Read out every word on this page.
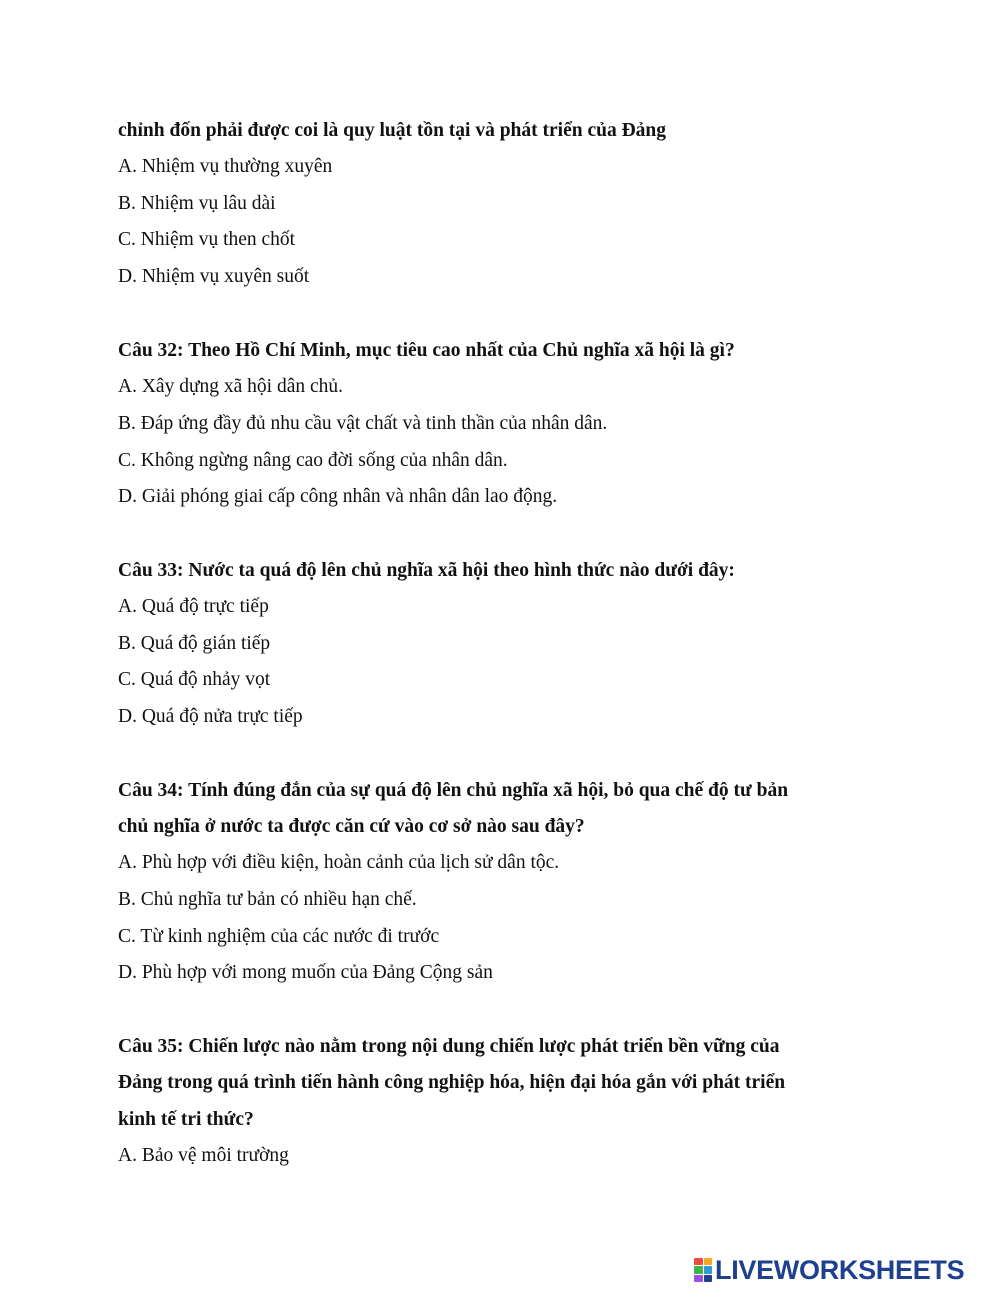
chỉnh đốn phải được coi là quy luật tồn tại và phát triển của Đảng
A. Nhiệm vụ thường xuyên
B. Nhiệm vụ lâu dài
C. Nhiệm vụ then chốt
D. Nhiệm vụ xuyên suốt
Câu 32: Theo Hồ Chí Minh, mục tiêu cao nhất của Chủ nghĩa xã hội là gì?
A. Xây dựng xã hội dân chủ.
B. Đáp ứng đầy đủ nhu cầu vật chất và tinh thần của nhân dân.
C. Không ngừng nâng cao đời sống của nhân dân.
D. Giải phóng giai cấp công nhân và nhân dân lao động.
Câu 33: Nước ta quá độ lên chủ nghĩa xã hội theo hình thức nào dưới đây:
A. Quá độ trực tiếp
B. Quá độ gián tiếp
C. Quá độ nhảy vọt
D. Quá độ nửa trực tiếp
Câu 34: Tính đúng đắn của sự quá độ lên chủ nghĩa xã hội, bỏ qua chế độ tư bản
chủ nghĩa ở nước ta được căn cứ vào cơ sở nào sau đây?
A. Phù hợp với điều kiện, hoàn cảnh của lịch sử dân tộc.
B. Chủ nghĩa tư bản có nhiều hạn chế.
C. Từ kinh nghiệm của các nước đi trước
D. Phù hợp với mong muốn của Đảng Cộng sản
Câu 35: Chiến lược nào nằm trong nội dung chiến lược phát triển bền vững của
Đảng trong quá trình tiến hành công nghiệp hóa, hiện đại hóa gắn với phát triển
kinh tế tri thức?
A. Bảo vệ môi trường
LIVEWORKSHEETS
